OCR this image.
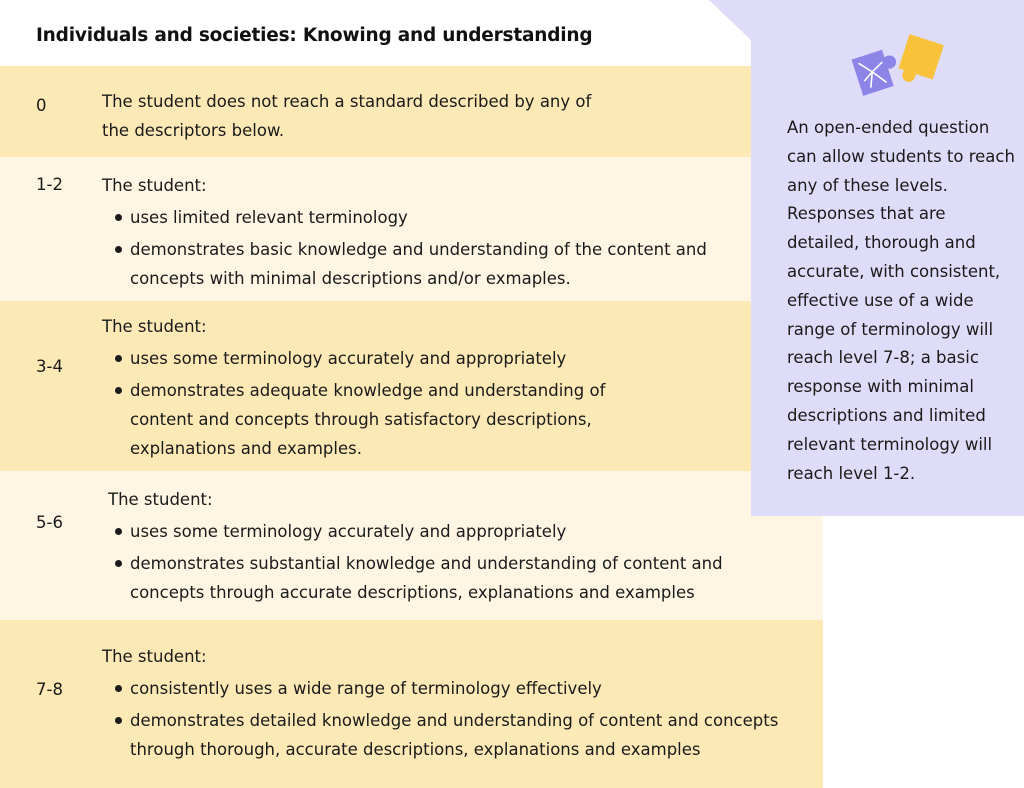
Individuals and societies: Knowing and understanding
0	The student does not reach a standard described by any of the descriptors below.

1-2 The student:

uses limited relevant terminology
demonstrates basic knowledge and understanding of the content and concepts with minimal descriptions and/or exmaples.
3-4

The student:

uses some terminology accurately and appropriately
demonstrates adequate knowledge and understanding of content and concepts through satisfactory descriptions, explanations and examples.
5-6

The student:

uses some terminology accurately and appropriately
demonstrates substantial knowledge and understanding of content and concepts through accurate descriptions, explanations and examples
7-8

The student:

consistently uses a wide range of terminology effectively
demonstrates detailed knowledge and understanding of content and concepts through thorough, accurate descriptions, explanations and examples
An open-ended question can allow students to reach any of these levels. Responses that are detailed, thorough and accurate, with consistent, effective use of a wide range of terminology will reach level 7-8; a basic response with minimal descriptions and limited relevant terminology will reach level 1-2.
